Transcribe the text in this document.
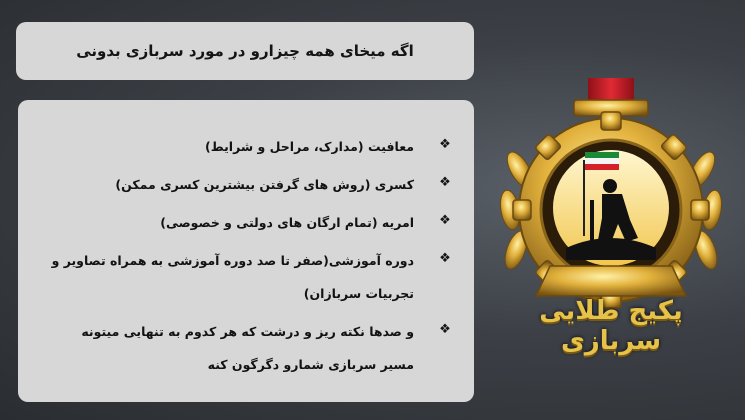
اگه میخای همه چیزارو در مورد سربازی بدونی
❖
معافیت (مدارک، مراحل و شرایط)
❖
کسری (روش های گرفتن بیشترین کسری ممکن)
❖
امریه (تمام ارگان های دولتی و خصوصی)
❖
دوره آموزشی(صفر تا صد دوره آموزشی به همراه تصاویر و تجربیات سربازان)
❖
و صدها نکته ریز و درشت که هر کدوم به تنهایی میتونه مسیر سربازی شمارو دگرگون کنه
پکیج طلایی سربازی
